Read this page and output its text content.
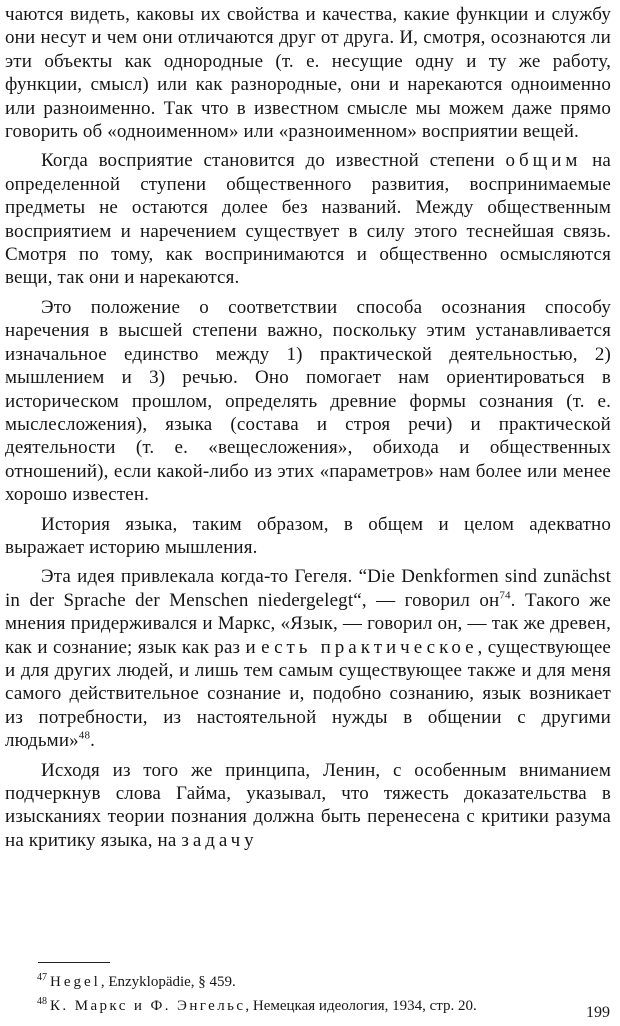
чаются видеть, каковы их свойства и качества, какие функции и службу они несут и чем они отличаются друг от друга. И, смотря, осознаются ли эти объекты как однородные (т. е. несущие одну и ту же работу, функции, смысл) или как разнородные, они и нарекаются одноименно или разноименно. Так что в известном смысле мы можем даже прямо говорить об «одноименном» или «разноименном» восприятии вещей.

Когда восприятие становится до известной степени общим на определенной ступени общественного развития, воспринимаемые предметы не остаются долее без названий. Между общественным восприятием и наречением существует в силу этого теснейшая связь. Смотря по тому, как воспринимаются и общественно осмысляются вещи, так они и нарекаются.

Это положение о соответствии способа осознания способу наречения в высшей степени важно, поскольку этим устанавливается изначальное единство между 1) практической деятельностью, 2) мышлением и 3) речью. Оно помогает нам ориентироваться в историческом прошлом, определять древние формы сознания (т. е. мыслесложения), языка (состава и строя речи) и практической деятельности (т. е. «вещесложения», обихода и общественных отношений), если какой-либо из этих «параметров» нам более или менее хорошо известен.

История языка, таким образом, в общем и целом адекватно выражает историю мышления.

Эта идея привлекала когда-то Гегеля. “Die Denkformen sind zunächst in der Sprache der Menschen niedergelegt“, — говорил $он^{74}$. Такого же мнения придерживался и Маркс, «Язык, — говорил он, — так же древен, как и сознание; язык как раз и есть практическое, существующее и для других людей, и лишь тем самым существующее также и для меня самого действительное сознание и, подобно сознанию, язык возникает из потребности, из настоятельной нужды в общении с другими людьми»$^{48}$.

Исходя из того же принципа, Ленин, с особенным вниманием подчеркнув слова Гайма, указывал, что тяжесть доказательства в изысканиях теории познания должна быть перенесена с критики разума на критику языка, на задачу

$^{47}$ Hegel, Enzyklopädie, § 459.
$^{48}$ К. Маркс и Ф. Энгельс, Немецкая идеология, 1934, стр. 20.	199
